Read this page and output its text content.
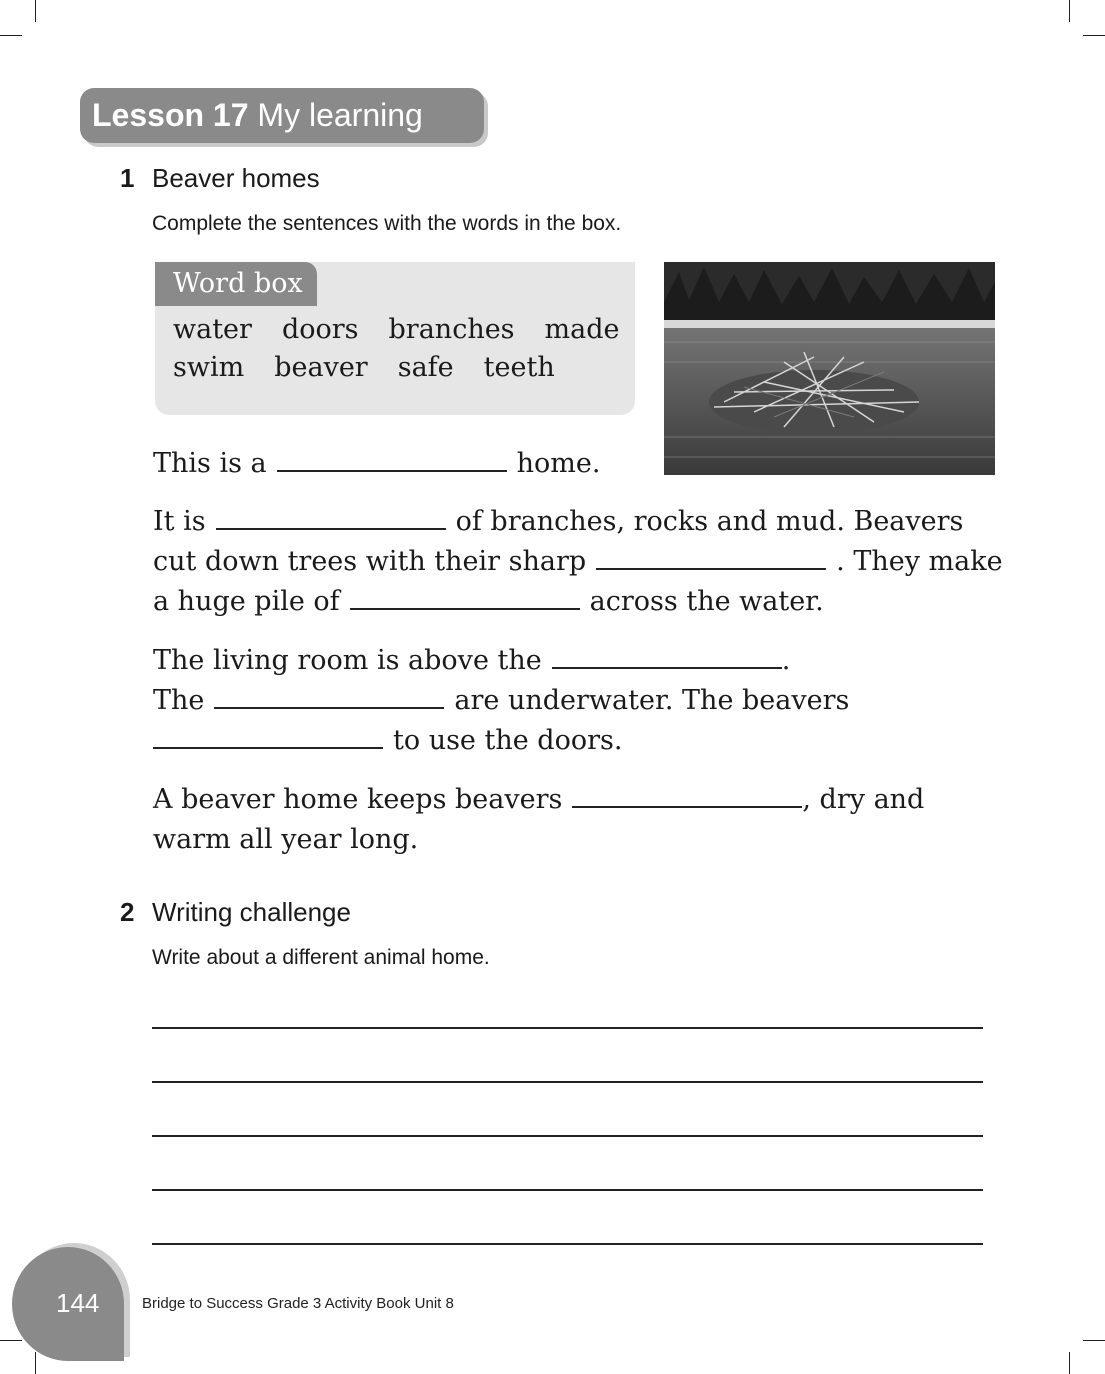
Lesson 17 My learning
1 Beaver homes
Complete the sentences with the words in the box.
Word box
water doors branches made
swim beaver safe teeth
This is a	home.
It is	of branches, rocks and mud. Beavers
cut down trees with their sharp	. They make
a huge pile of	across the water.
The living room is above the	.
The	are underwater. The beavers
to use the doors.
A beaver home keeps beavers	, dry and
warm all year long.
2 Writing challenge
Write about a different animal home.
144	Bridge to Success Grade 3 Activity Book Unit 8
